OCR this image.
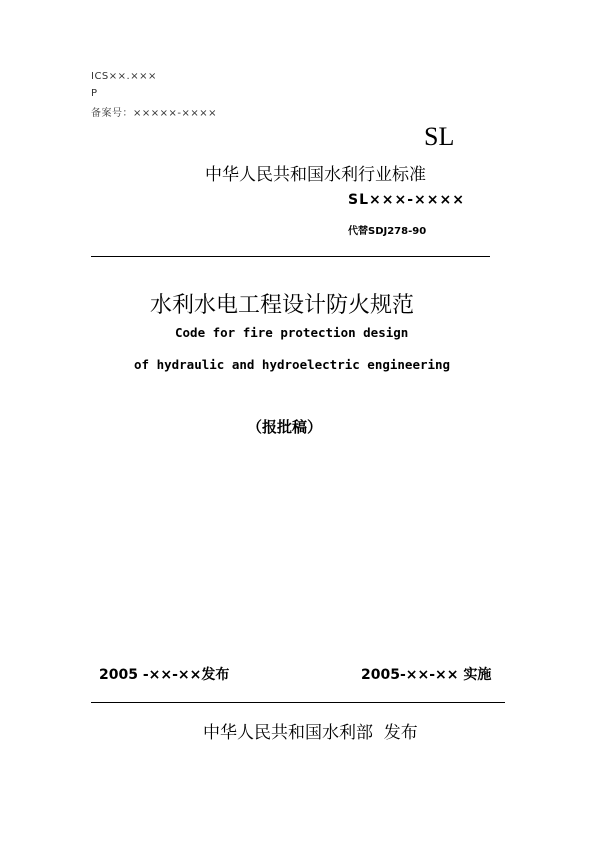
ICS××.×××
P
备案号：×××××-××××
SL
中华人民共和国水利行业标准
SL×××-××××
代替SDJ278-90
水利水电工程设计防火规范
Code for fire protection design
of hydraulic and hydroelectric engineering
（报批稿）
2005 -××-××发布	2005-××-×× 实施
中华人民共和国水利部  发布
